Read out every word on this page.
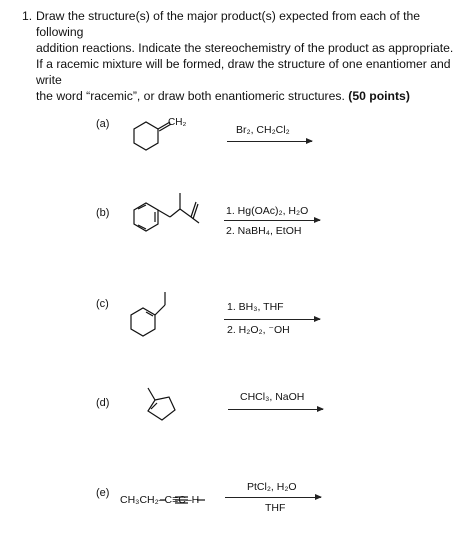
1. Draw the structure(s) of the major product(s) expected from each of the following
addition reactions. Indicate the stereochemistry of the product as appropriate.
If a racemic mixture will be formed, draw the structure of one enantiomer and write
the word “racemic”, or draw both enantiomeric structures. (50 points)
(a)
(b)
(c)
(d)
(e)
CH₂
CH₃CH₂–C≡C–H
Br₂, CH₂Cl₂
1. Hg(OAc)₂, H₂O
2. NaBH₄, EtOH
1. BH₃, THF
2. H₂O₂, ⁻OH
CHCl₃, NaOH
PtCl₂, H₂O
THF
